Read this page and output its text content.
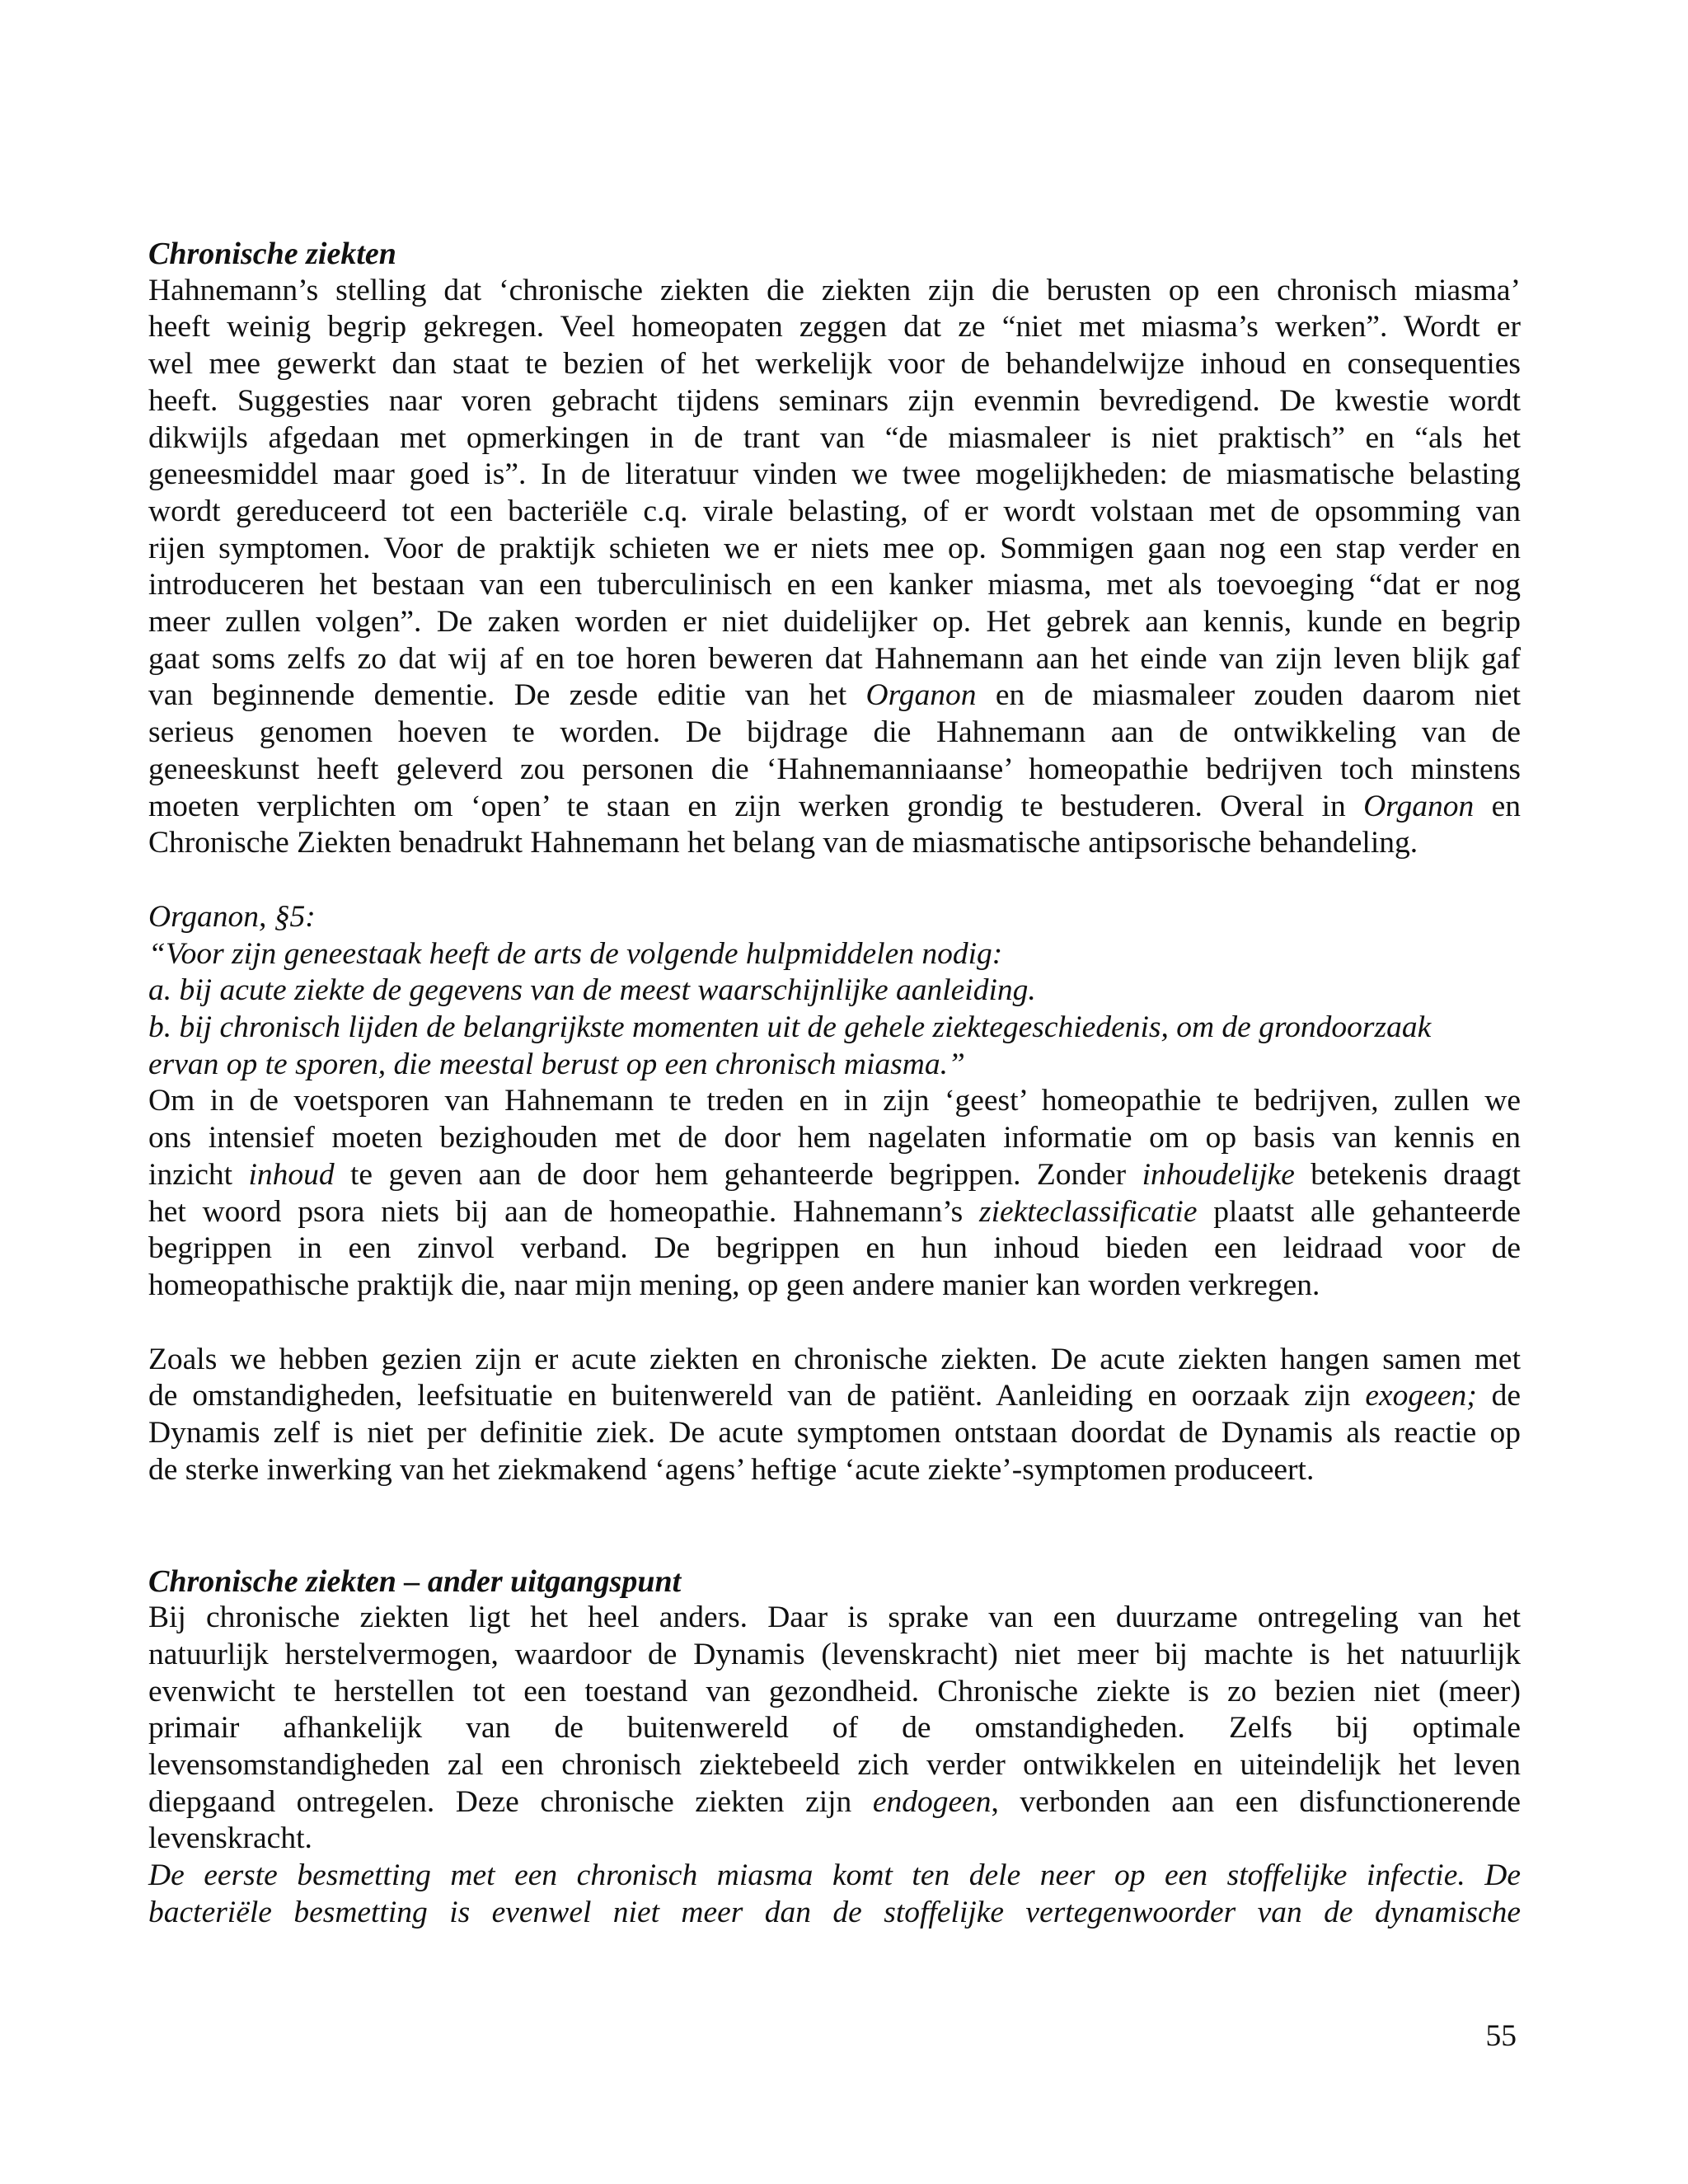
Chronische ziekten
Hahnemann’s stelling dat ‘chronische ziekten die ziekten zijn die berusten op een chronisch miasma’
heeft weinig begrip gekregen. Veel homeopaten zeggen dat ze “niet met miasma’s werken”. Wordt er
wel mee gewerkt dan staat te bezien of het werkelijk voor de behandelwijze inhoud en consequenties
heeft. Suggesties naar voren gebracht tijdens seminars zijn evenmin bevredigend. De kwestie wordt
dikwijls afgedaan met opmerkingen in de trant van “de miasmaleer is niet praktisch” en “als het
geneesmiddel maar goed is”. In de literatuur vinden we twee mogelijkheden: de miasmatische belasting
wordt gereduceerd tot een bacteriële c.q. virale belasting, of er wordt volstaan met de opsomming van
rijen symptomen. Voor de praktijk schieten we er niets mee op. Sommigen gaan nog een stap verder en
introduceren het bestaan van een tuberculinisch en een kanker miasma, met als toevoeging “dat er nog
meer zullen volgen”. De zaken worden er niet duidelijker op. Het gebrek aan kennis, kunde en begrip
gaat soms zelfs zo dat wij af en toe horen beweren dat Hahnemann aan het einde van zijn leven blijk gaf
van beginnende dementie. De zesde editie van het Organon en de miasmaleer zouden daarom niet
serieus genomen hoeven te worden. De bijdrage die Hahnemann aan de ontwikkeling van de
geneeskunst heeft geleverd zou personen die ‘Hahnemanniaanse’ homeopathie bedrijven toch minstens
moeten verplichten om ‘open’ te staan en zijn werken grondig te bestuderen. Overal in Organon en
Chronische Ziekten benadrukt Hahnemann het belang van de miasmatische antipsorische behandeling.
Organon, §5:
“Voor zijn geneestaak heeft de arts de volgende hulpmiddelen nodig:
a. bij acute ziekte de gegevens van de meest waarschijnlijke aanleiding.
b. bij chronisch lijden de belangrijkste momenten uit de gehele ziektegeschiedenis, om de grondoorzaak
ervan op te sporen, die meestal berust op een chronisch miasma.”
Om in de voetsporen van Hahnemann te treden en in zijn ‘geest’ homeopathie te bedrijven, zullen we
ons intensief moeten bezighouden met de door hem nagelaten informatie om op basis van kennis en
inzicht inhoud te geven aan de door hem gehanteerde begrippen. Zonder inhoudelijke betekenis draagt
het woord psora niets bij aan de homeopathie. Hahnemann’s ziekteclassificatie plaatst alle gehanteerde
begrippen in een zinvol verband. De begrippen en hun inhoud bieden een leidraad voor de
homeopathische praktijk die, naar mijn mening, op geen andere manier kan worden verkregen.
Zoals we hebben gezien zijn er acute ziekten en chronische ziekten. De acute ziekten hangen samen met
de omstandigheden, leefsituatie en buitenwereld van de patiënt. Aanleiding en oorzaak zijn exogeen; de
Dynamis zelf is niet per definitie ziek. De acute symptomen ontstaan doordat de Dynamis als reactie op
de sterke inwerking van het ziekmakend ‘agens’ heftige ‘acute ziekte’-symptomen produceert.
Chronische ziekten – ander uitgangspunt
Bij chronische ziekten ligt het heel anders. Daar is sprake van een duurzame ontregeling van het
natuurlijk herstelvermogen, waardoor de Dynamis (levenskracht) niet meer bij machte is het natuurlijk
evenwicht te herstellen tot een toestand van gezondheid. Chronische ziekte is zo bezien niet (meer)
primair afhankelijk van de buitenwereld of de omstandigheden. Zelfs bij optimale
levensomstandigheden zal een chronisch ziektebeeld zich verder ontwikkelen en uiteindelijk het leven
diepgaand ontregelen. Deze chronische ziekten zijn endogeen, verbonden aan een disfunctionerende
levenskracht.
De eerste besmetting met een chronisch miasma komt ten dele neer op een stoffelijke infectie. De
bacteriële besmetting is evenwel niet meer dan de stoffelijke vertegenwoorder van de dynamische
55
